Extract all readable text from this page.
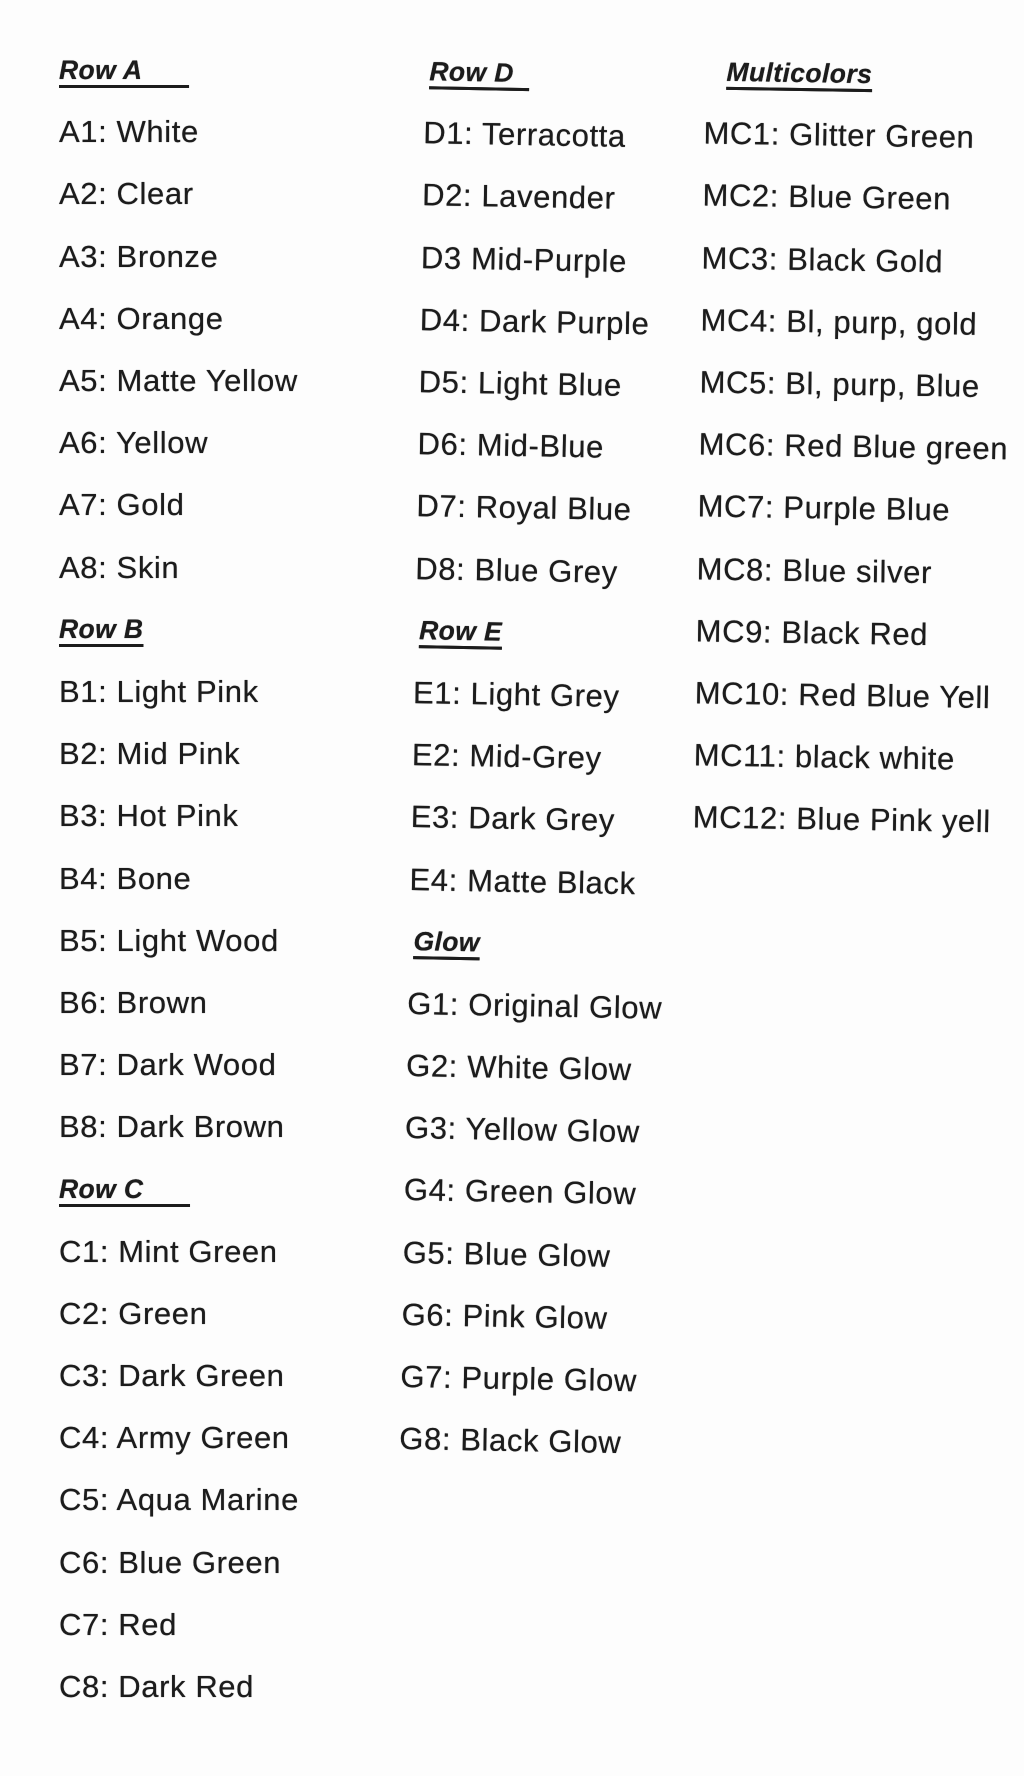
Row A
A1: White
A2: Clear
A3: Bronze
A4: Orange
A5: Matte Yellow
A6: Yellow
A7: Gold
A8: Skin
Row B
B1: Light Pink
B2: Mid Pink
B3: Hot Pink
B4: Bone
B5: Light Wood
B6: Brown
B7: Dark Wood
B8: Dark Brown
Row C
C1: Mint Green
C2: Green
C3: Dark Green
C4: Army Green
C5: Aqua Marine
C6: Blue Green
C7: Red
C8: Dark Red
Row D
D1: Terracotta
D2: Lavender
D3 Mid-Purple
D4: Dark Purple
D5: Light Blue
D6: Mid-Blue
D7: Royal Blue
D8: Blue Grey
Row E
E1: Light Grey
E2: Mid-Grey
E3: Dark Grey
E4: Matte Black
Glow
G1: Original Glow
G2: White Glow
G3: Yellow Glow
G4: Green Glow
G5: Blue Glow
G6: Pink Glow
G7: Purple Glow
G8: Black Glow
Multicolors
MC1: Glitter Green
MC2: Blue Green
MC3: Black Gold
MC4: Bl, purp, gold
MC5: Bl, purp, Blue
MC6: Red Blue green
MC7: Purple Blue
MC8: Blue silver
MC9: Black Red
MC10: Red Blue Yell
MC11: black white
MC12: Blue Pink yell
